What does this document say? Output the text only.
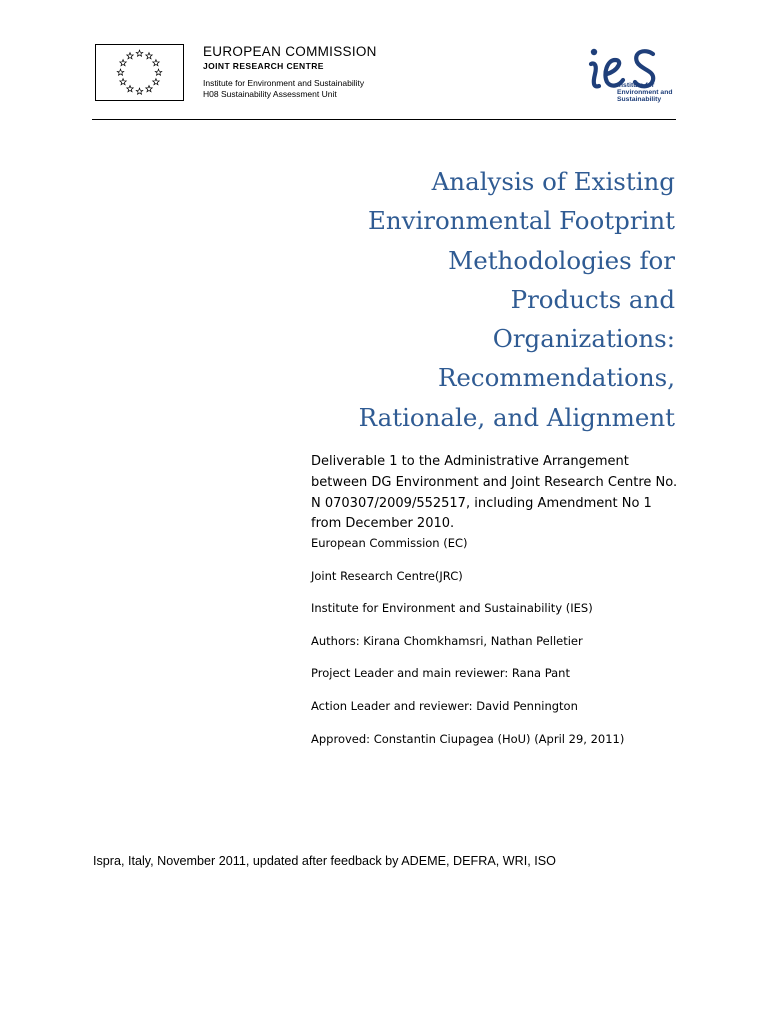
EUROPEAN COMMISSION

JOINT RESEARCH CENTRE

Institute for Environment and Sustainability

H08 Sustainability Assessment Unit

Institute for
Environment and
Sustainability
Analysis of Existing
Environmental Footprint
Methodologies for
Products and
Organizations:
Recommendations,
Rationale, and Alignment

Deliverable 1 to the Administrative Arrangement between DG Environment and Joint Research Centre No. N 070307/2009/552517, including Amendment No 1 from December 2010.

European Commission (EC)
Joint Research Centre(JRC)
Institute for Environment and Sustainability (IES)
Authors: Kirana Chomkhamsri, Nathan Pelletier
Project Leader and main reviewer: Rana Pant
Action Leader and reviewer: David Pennington
Approved: Constantin Ciupagea (HoU) (April 29, 2011)

Ispra, Italy, November 2011, updated after feedback by ADEME, DEFRA, WRI, ISO
